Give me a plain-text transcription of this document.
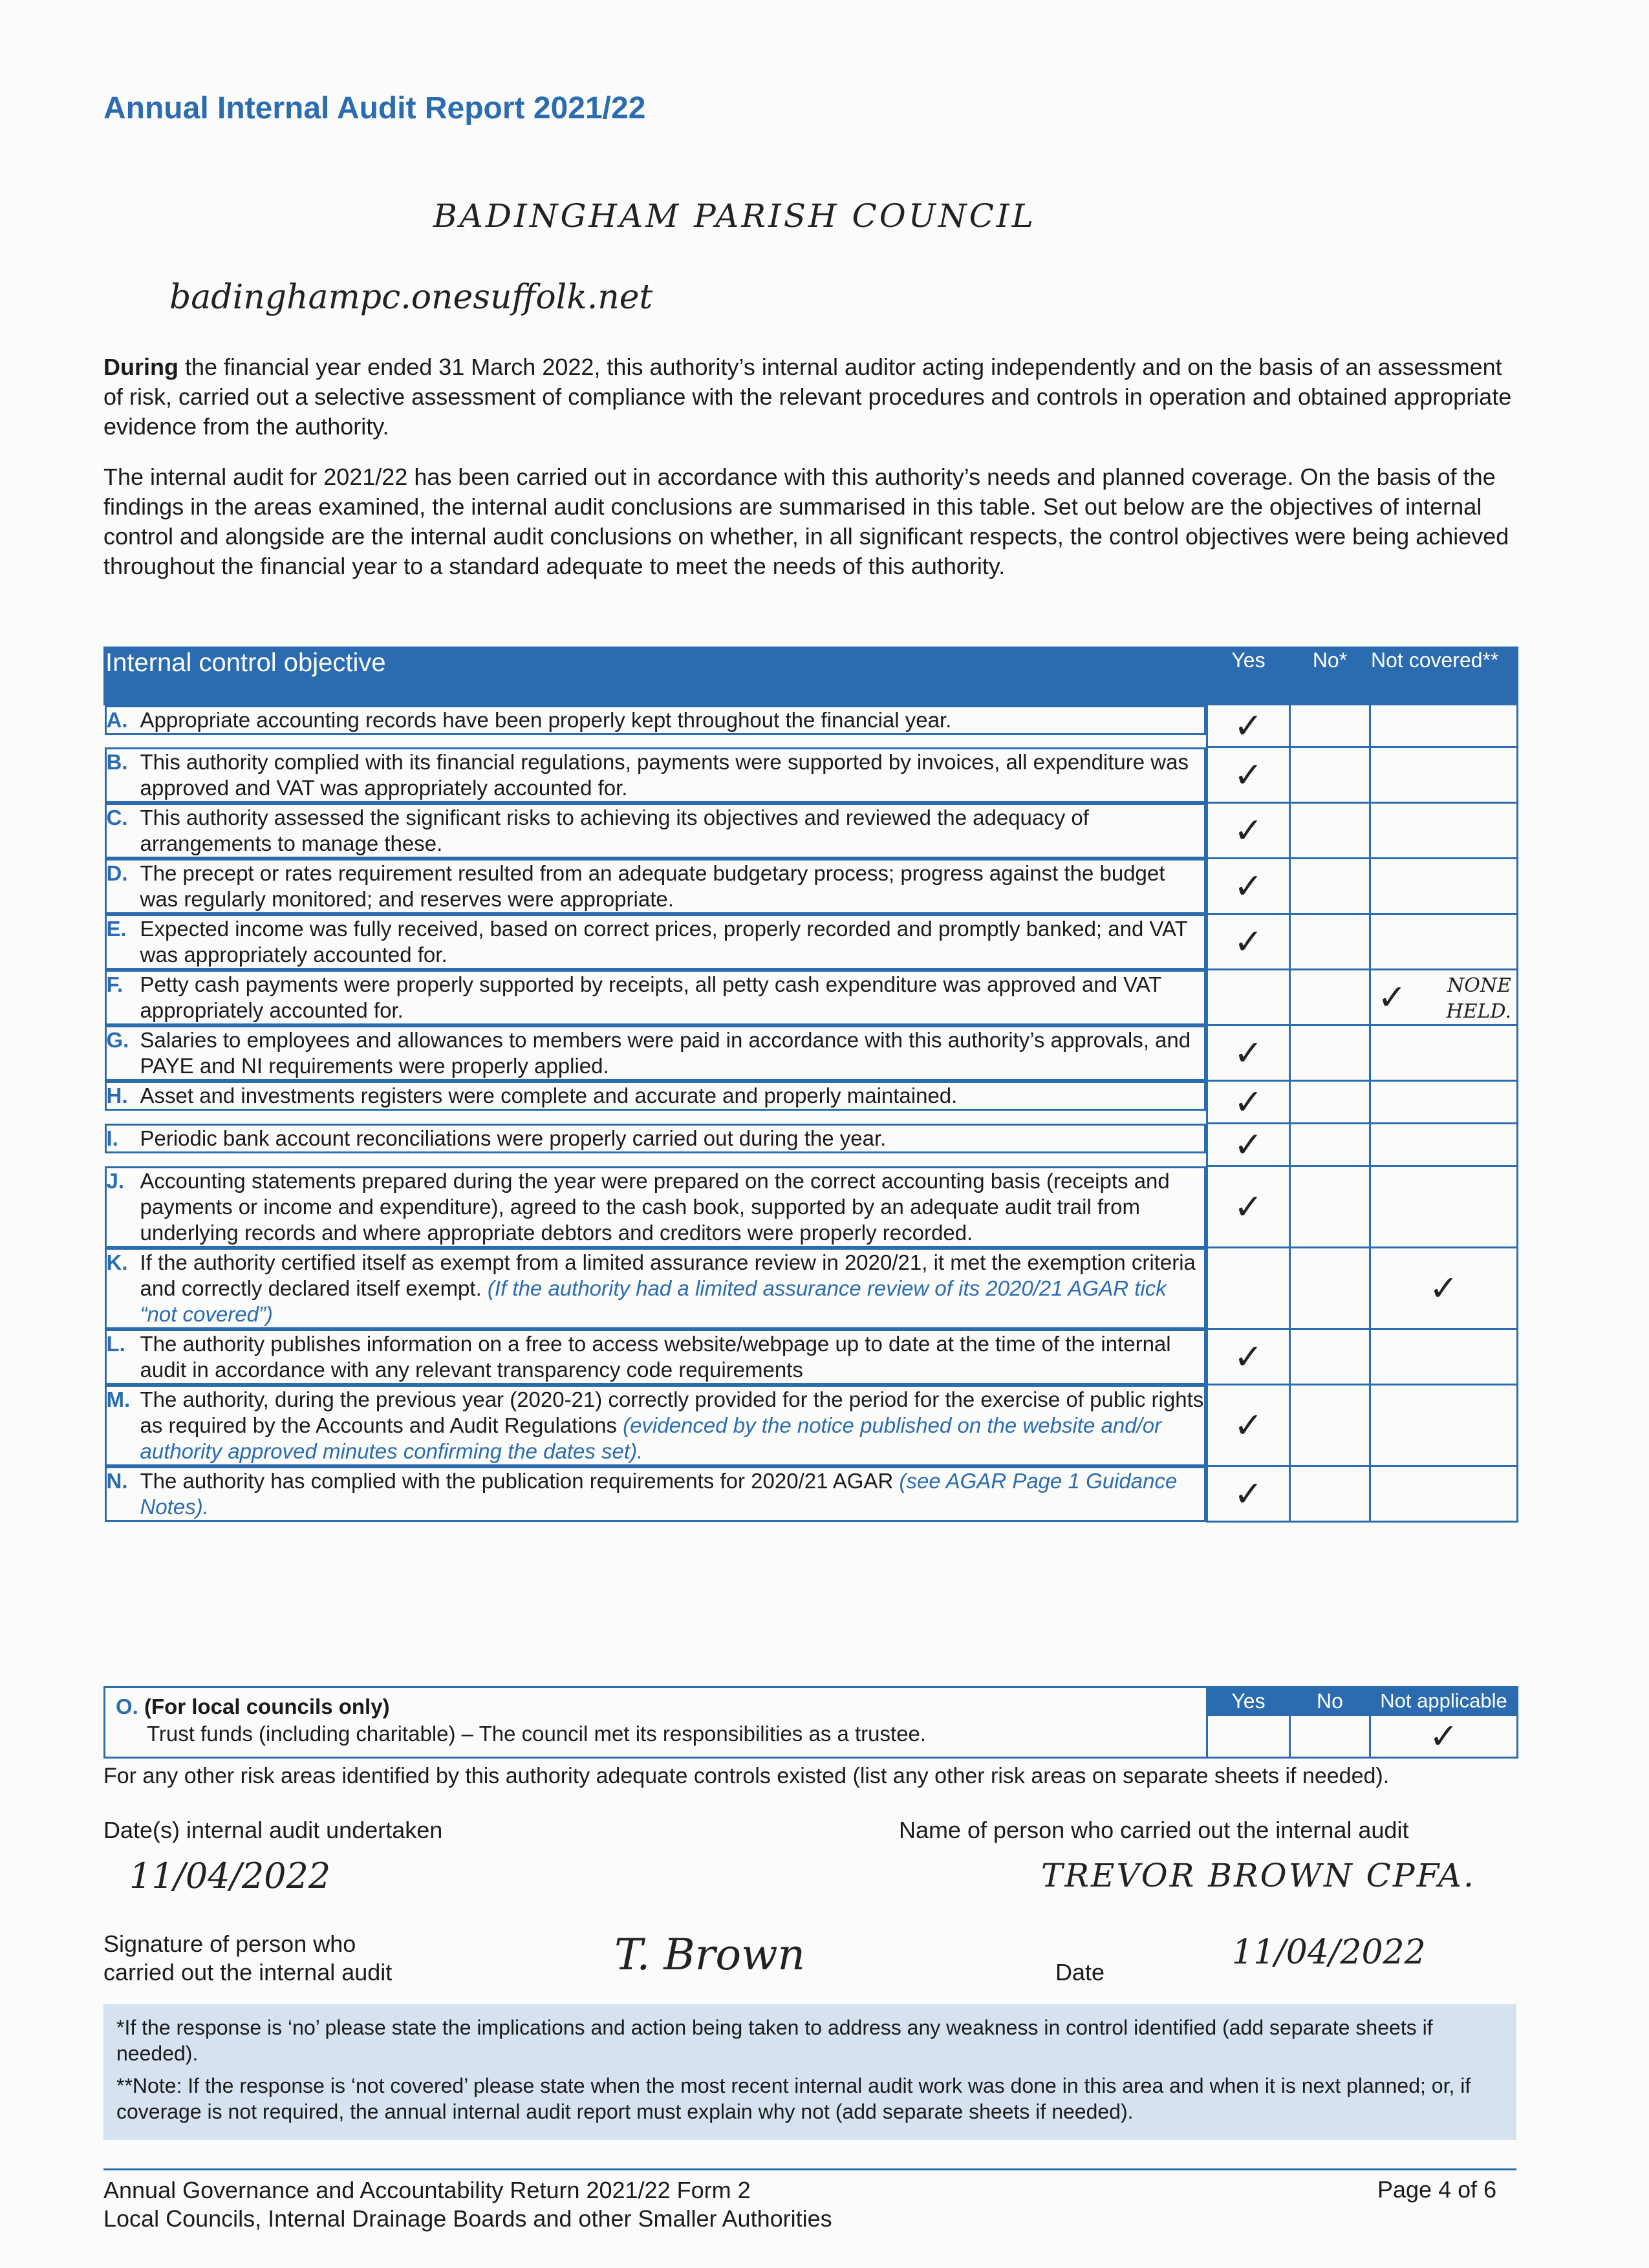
Annual Internal Audit Report 2021/22
BADINGHAM PARISH COUNCIL
badinghampc.onesuffolk.net

During the financial year ended 31 March 2022, this authority’s internal auditor acting independently and on the basis of an assessment of risk, carried out a selective assessment of compliance with the relevant procedures and controls in operation and obtained appropriate evidence from the authority.

The internal audit for 2021/22 has been carried out in accordance with this authority’s needs and planned coverage. On the basis of the findings in the areas examined, the internal audit conclusions are summarised in this table. Set out below are the objectives of internal control and alongside are the internal audit conclusions on whether, in all significant respects, the control objectives were being achieved throughout the financial year to a standard adequate to meet the needs of this authority.

Internal control objective	Yes	No*	Not covered**

A. Appropriate accounting records have been properly kept throughout the financial year.	✓		

B. This authority complied with its financial regulations, payments were supported by invoices, all expenditure was approved and VAT was appropriately accounted for.	✓		

C. This authority assessed the significant risks to achieving its objectives and reviewed the adequacy of arrangements to manage these.	✓		

D. The precept or rates requirement resulted from an adequate budgetary process; progress against the budget was regularly monitored; and reserves were appropriate.	✓		

E. Expected income was fully received, based on correct prices, properly recorded and promptly banked; and VAT was appropriately accounted for.	✓		

F. Petty cash payments were properly supported by receipts, all petty cash expenditure was approved and VAT appropriately accounted for.
			✓ NONE HELD.

G. Salaries to employees and allowances to members were paid in accordance with this authority’s approvals, and PAYE and NI requirements were properly applied.	✓		

H. Asset and investments registers were complete and accurate and properly maintained.	✓		

I.	Periodic bank account reconciliations were properly carried out during the year.	✓		

J. Accounting statements prepared during the year were prepared on the correct accounting basis (receipts and payments or income and expenditure), agreed to the cash book, supported by an adequate audit trail from underlying records and where appropriate debtors and creditors were properly recorded.
✓		

K. If the authority certified itself as exempt from a limited assurance review in 2020/21, it met the exemption criteria and correctly declared itself exempt. (If the authority had a limited assurance review of its 2020/21 AGAR tick “not covered”)
		✓

L. The authority publishes information on a free to access website/webpage up to date at the time of the internal audit in accordance with any relevant transparency code requirements	✓		

M. The authority, during the previous year (2020-21) correctly provided for the period for the exercise of public rights as required by the Accounts and Audit Regulations (evidenced by the notice published on the website and/or authority approved minutes confirming the dates set).
✓		

N. The authority has complied with the publication requirements for 2020/21 AGAR (see AGAR Page 1 Guidance Notes).	✓		
O. (For local councils only)
Trust funds (including charitable) – The council met its responsibilities as a trustee.	Yes	No	Not applicable
			✓
For any other risk areas identified by this authority adequate controls existed (list any other risk areas on separate sheets if needed).
Date(s) internal audit undertaken
11/04/2022
Name of person who carried out the internal audit
TREVOR BROWN CPFA.
Signature of person who
carried out the internal audit	T. Brown	Date
11/04/2022

*If the response is ‘no’ please state the implications and action being taken to address any weakness in control identified (add separate sheets if needed).

**Note: If the response is ‘not covered’ please state when the most recent internal audit work was done in this area and when it is next planned; or, if coverage is not required, the annual internal audit report must explain why not (add separate sheets if needed).

Annual Governance and Accountability Return 2021/22 Form 2
Local Councils, Internal Drainage Boards and other Smaller Authorities
Page 4 of 6
